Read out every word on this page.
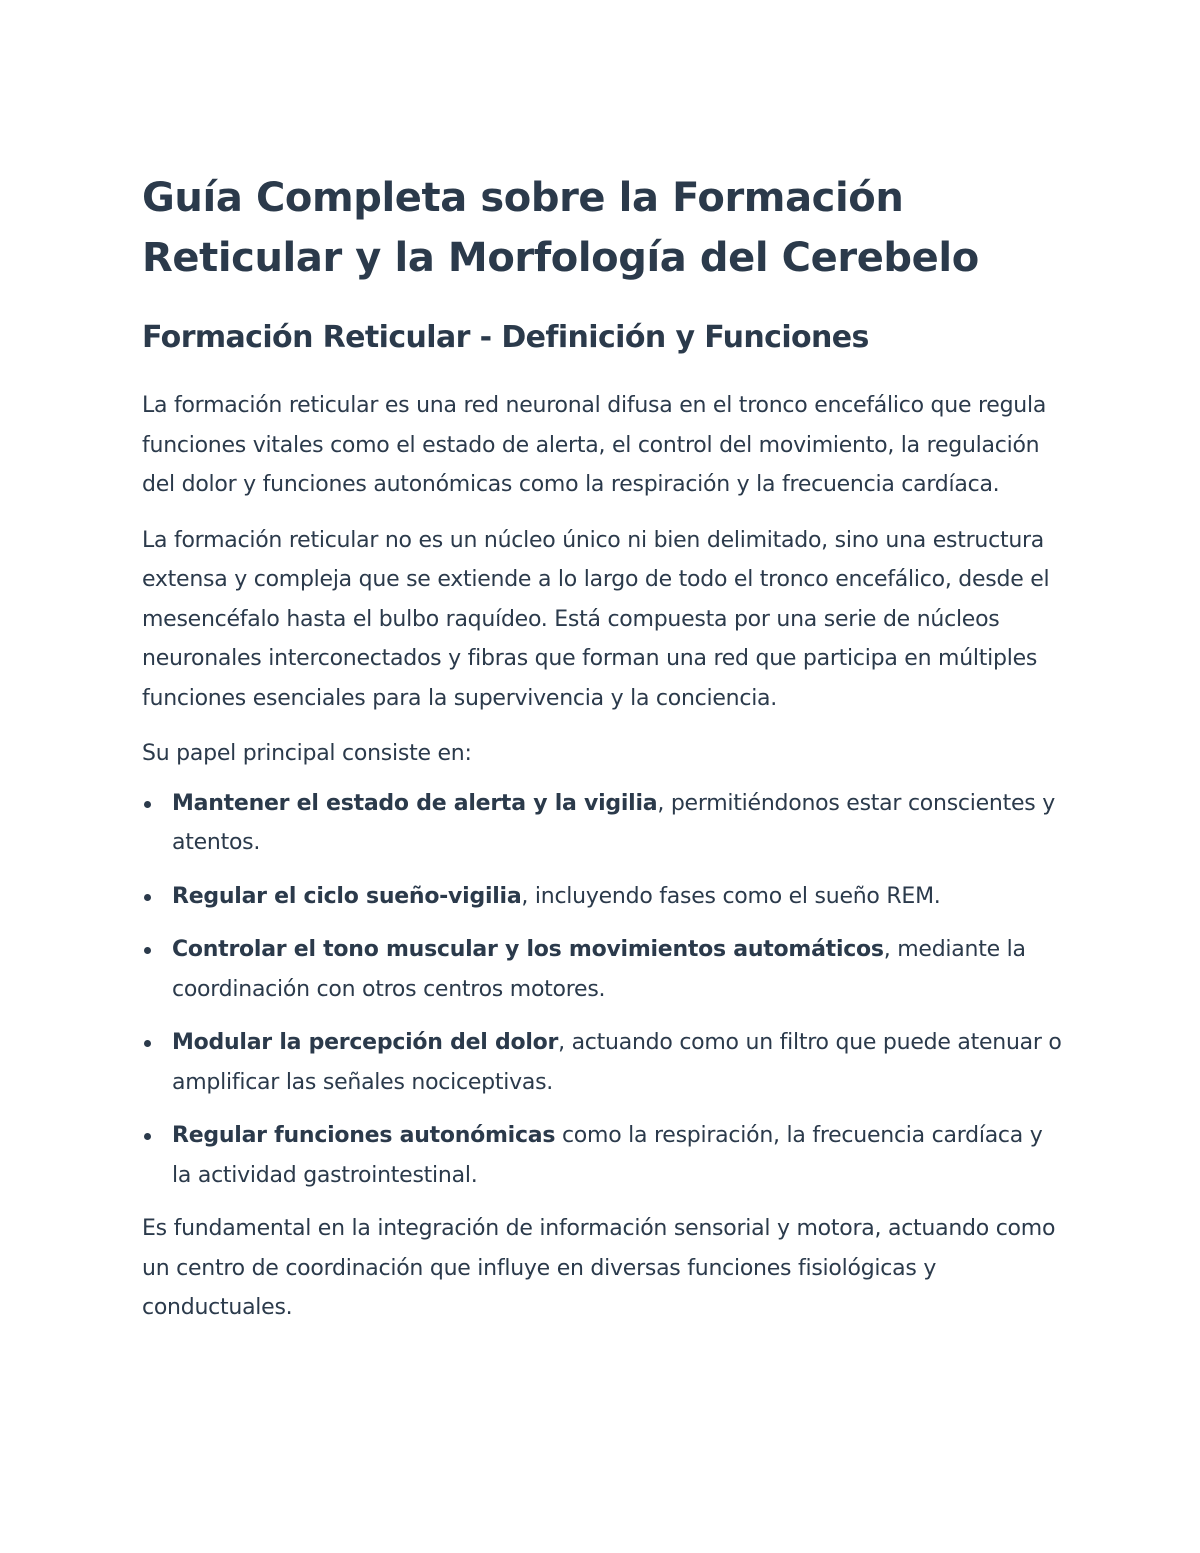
Guía Completa sobre la Formación Reticular y la Morfología del Cerebelo
Formación Reticular - Definición y Funciones

La formación reticular es una red neuronal difusa en el tronco encefálico que regula funciones vitales como el estado de alerta, el control del movimiento, la regulación del dolor y funciones autonómicas como la respiración y la frecuencia cardíaca.

La formación reticular no es un núcleo único ni bien delimitado, sino una estructura extensa y compleja que se extiende a lo largo de todo el tronco encefálico, desde el mesencéfalo hasta el bulbo raquídeo. Está compuesta por una serie de núcleos neuronales interconectados y fibras que forman una red que participa en múltiples funciones esenciales para la supervivencia y la conciencia.

Su papel principal consiste en:

Mantener el estado de alerta y la vigilia, permitiéndonos estar conscientes y atentos.
Regular el ciclo sueño-vigilia, incluyendo fases como el sueño REM.
Controlar el tono muscular y los movimientos automáticos, mediante la coordinación con otros centros motores.
Modular la percepción del dolor, actuando como un filtro que puede atenuar o amplificar las señales nociceptivas.
Regular funciones autonómicas como la respiración, la frecuencia cardíaca y la actividad gastrointestinal.

Es fundamental en la integración de información sensorial y motora, actuando como un centro de coordinación que influye en diversas funciones fisiológicas y conductuales.
